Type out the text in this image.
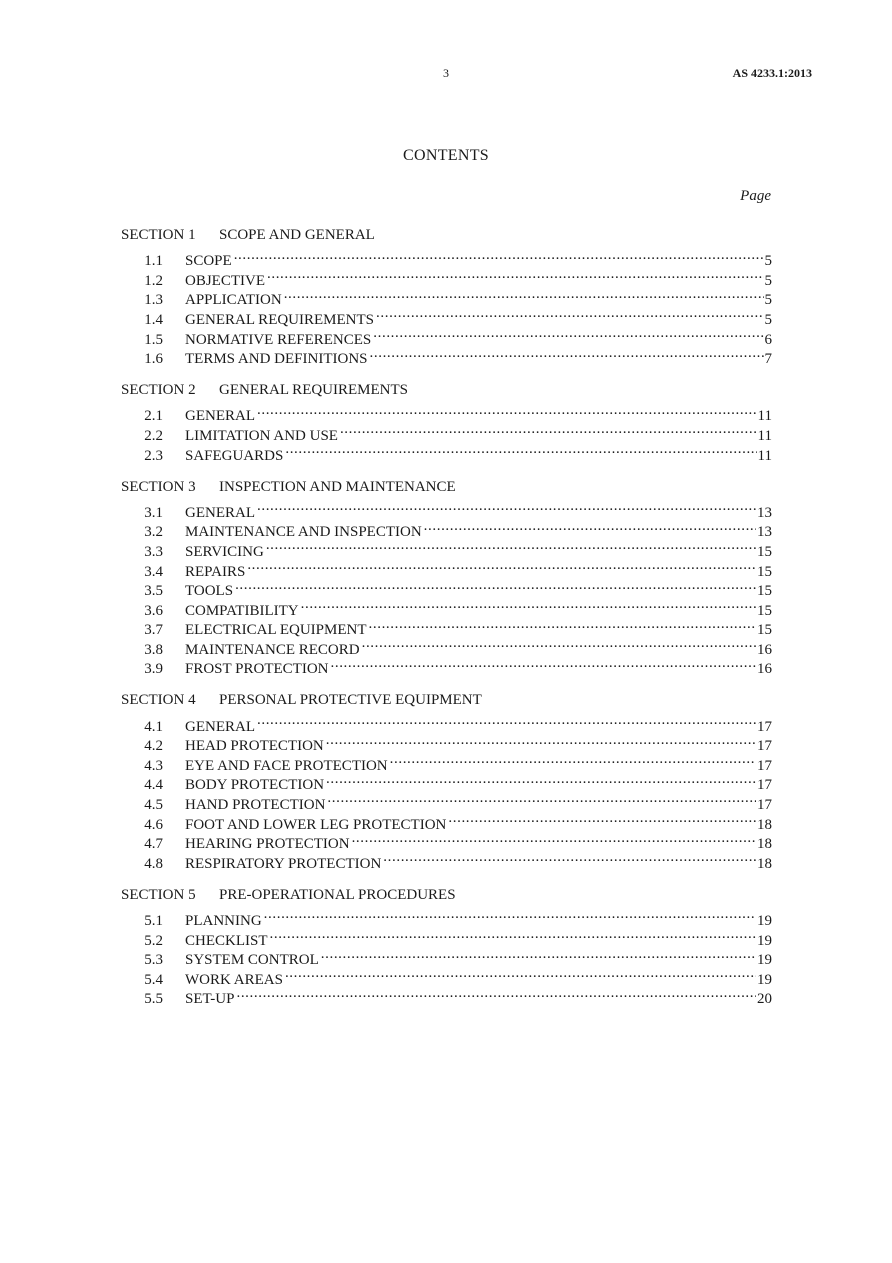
3	AS 4233.1:2013
CONTENTS
Page
SECTION 1	SCOPE AND GENERAL
1.1	SCOPE .....	5
1.2	OBJECTIVE .....	5
1.3	APPLICATION .....	5
1.4	GENERAL REQUIREMENTS .....	5
1.5	NORMATIVE REFERENCES .....	6
1.6	TERMS AND DEFINITIONS .....	7
SECTION 2	GENERAL REQUIREMENTS
2.1	GENERAL .....	11
2.2	LIMITATION AND USE .....	11
2.3	SAFEGUARDS .....	11
SECTION 3	INSPECTION AND MAINTENANCE
3.1	GENERAL .....	13
3.2	MAINTENANCE AND INSPECTION .....	13
3.3	SERVICING .....	15
3.4	REPAIRS .....	15
3.5	TOOLS .....	15
3.6	COMPATIBILITY .....	15
3.7	ELECTRICAL EQUIPMENT .....	15
3.8	MAINTENANCE RECORD .....	16
3.9	FROST PROTECTION .....	16
SECTION 4	PERSONAL PROTECTIVE EQUIPMENT
4.1	GENERAL .....	17
4.2	HEAD PROTECTION .....	17
4.3	EYE AND FACE PROTECTION .....	17
4.4	BODY PROTECTION .....	17
4.5	HAND PROTECTION .....	17
4.6	FOOT AND LOWER LEG PROTECTION .....	18
4.7	HEARING PROTECTION .....	18
4.8	RESPIRATORY PROTECTION .....	18
SECTION 5	PRE-OPERATIONAL PROCEDURES
5.1	PLANNING .....	19
5.2	CHECKLIST .....	19
5.3	SYSTEM CONTROL .....	19
5.4	WORK AREAS .....	19
5.5	SET-UP .....	20
